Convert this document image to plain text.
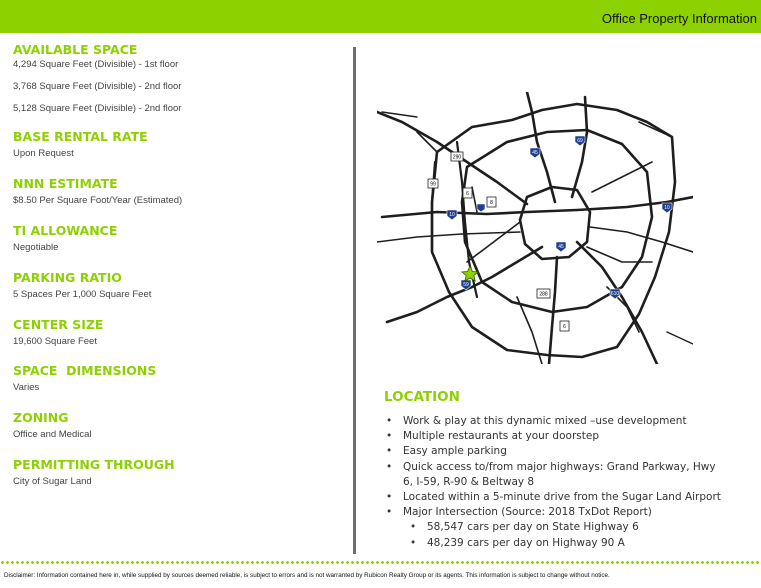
Office Property Information
AVAILABLE SPACE
4,294 Square Feet (Divisible) - 1st floor
3,768 Square Feet (Divisible) - 2nd floor
5,128 Square Feet (Divisible) - 2nd floor
BASE RENTAL RATE
Upon Request
NNN ESTIMATE
$8.50 Per Square Foot/Year (Estimated)
TI ALLOWANCE
Negotiable
PARKING RATIO
5 Spaces Per 1,000 Square Feet
CENTER SIZE
19,600 Square Feet
SPACE  DIMENSIONS
Varies
ZONING
Office and Medical
PERMITTING THROUGH
City of Sugar Land
290
45
69
10
99
8
6
10
45
288	610
6
59
LOCATION
• Work & play at this dynamic mixed –use development
• Multiple restaurants at your doorstep
• Easy ample parking
• Quick access to/from major highways: Grand Parkway, Hwy 6, I-59, R-90 & Beltway 8
• Located within a 5-minute drive from the Sugar Land Airport
• Major Intersection (Source: 2018 TxDot Report)
• 58,547 cars per day on State Highway 6
• 48,239 cars per day on Highway 90 A
Disclaimer: Information contained here in, while supplied by sources deemed reliable, is subject to errors and is not warranted by Rubicon Realty Group or its agents. This information is subject to change without notice.
